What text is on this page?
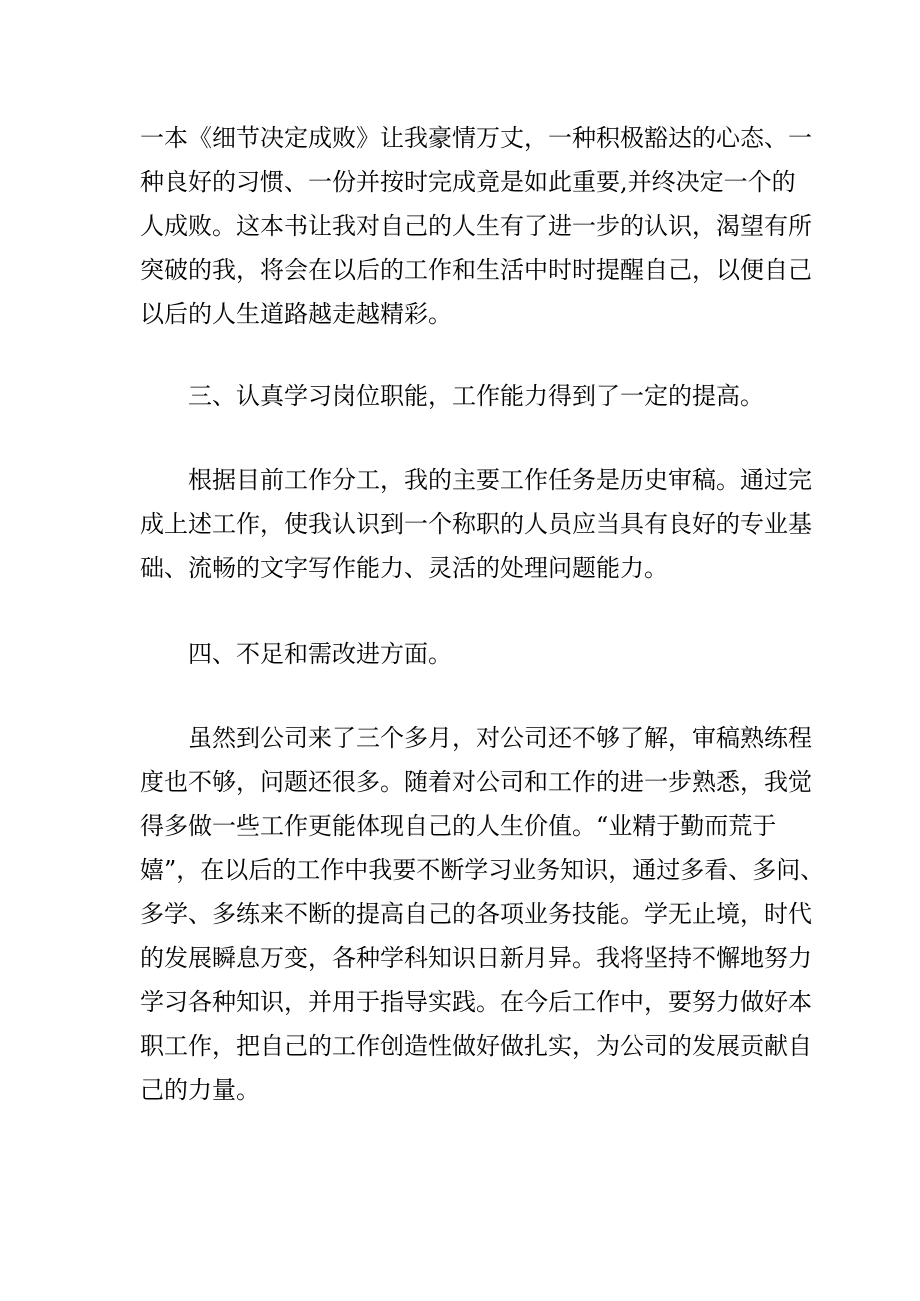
一本《细节决定成败》让我豪情万丈，一种积极豁达的心态、一
种良好的习惯、一份并按时完成竟是如此重要,并终决定一个的
人成败。这本书让我对自己的人生有了进一步的认识，渴望有所
突破的我，将会在以后的工作和生活中时时提醒自己，以便自己
以后的人生道路越走越精彩。
三、认真学习岗位职能，工作能力得到了一定的提高。
根据目前工作分工，我的主要工作任务是历史审稿。通过完
成上述工作，使我认识到一个称职的人员应当具有良好的专业基
础、流畅的文字写作能力、灵活的处理问题能力。
四、不足和需改进方面。
虽然到公司来了三个多月，对公司还不够了解，审稿熟练程
度也不够，问题还很多。随着对公司和工作的进一步熟悉，我觉
得多做一些工作更能体现自己的人生价值。“业精于勤而荒于
嬉”，在以后的工作中我要不断学习业务知识，通过多看、多问、
多学、多练来不断的提高自己的各项业务技能。学无止境，时代
的发展瞬息万变，各种学科知识日新月异。我将坚持不懈地努力
学习各种知识，并用于指导实践。在今后工作中，要努力做好本
职工作，把自己的工作创造性做好做扎实，为公司的发展贡献自
己的力量。
